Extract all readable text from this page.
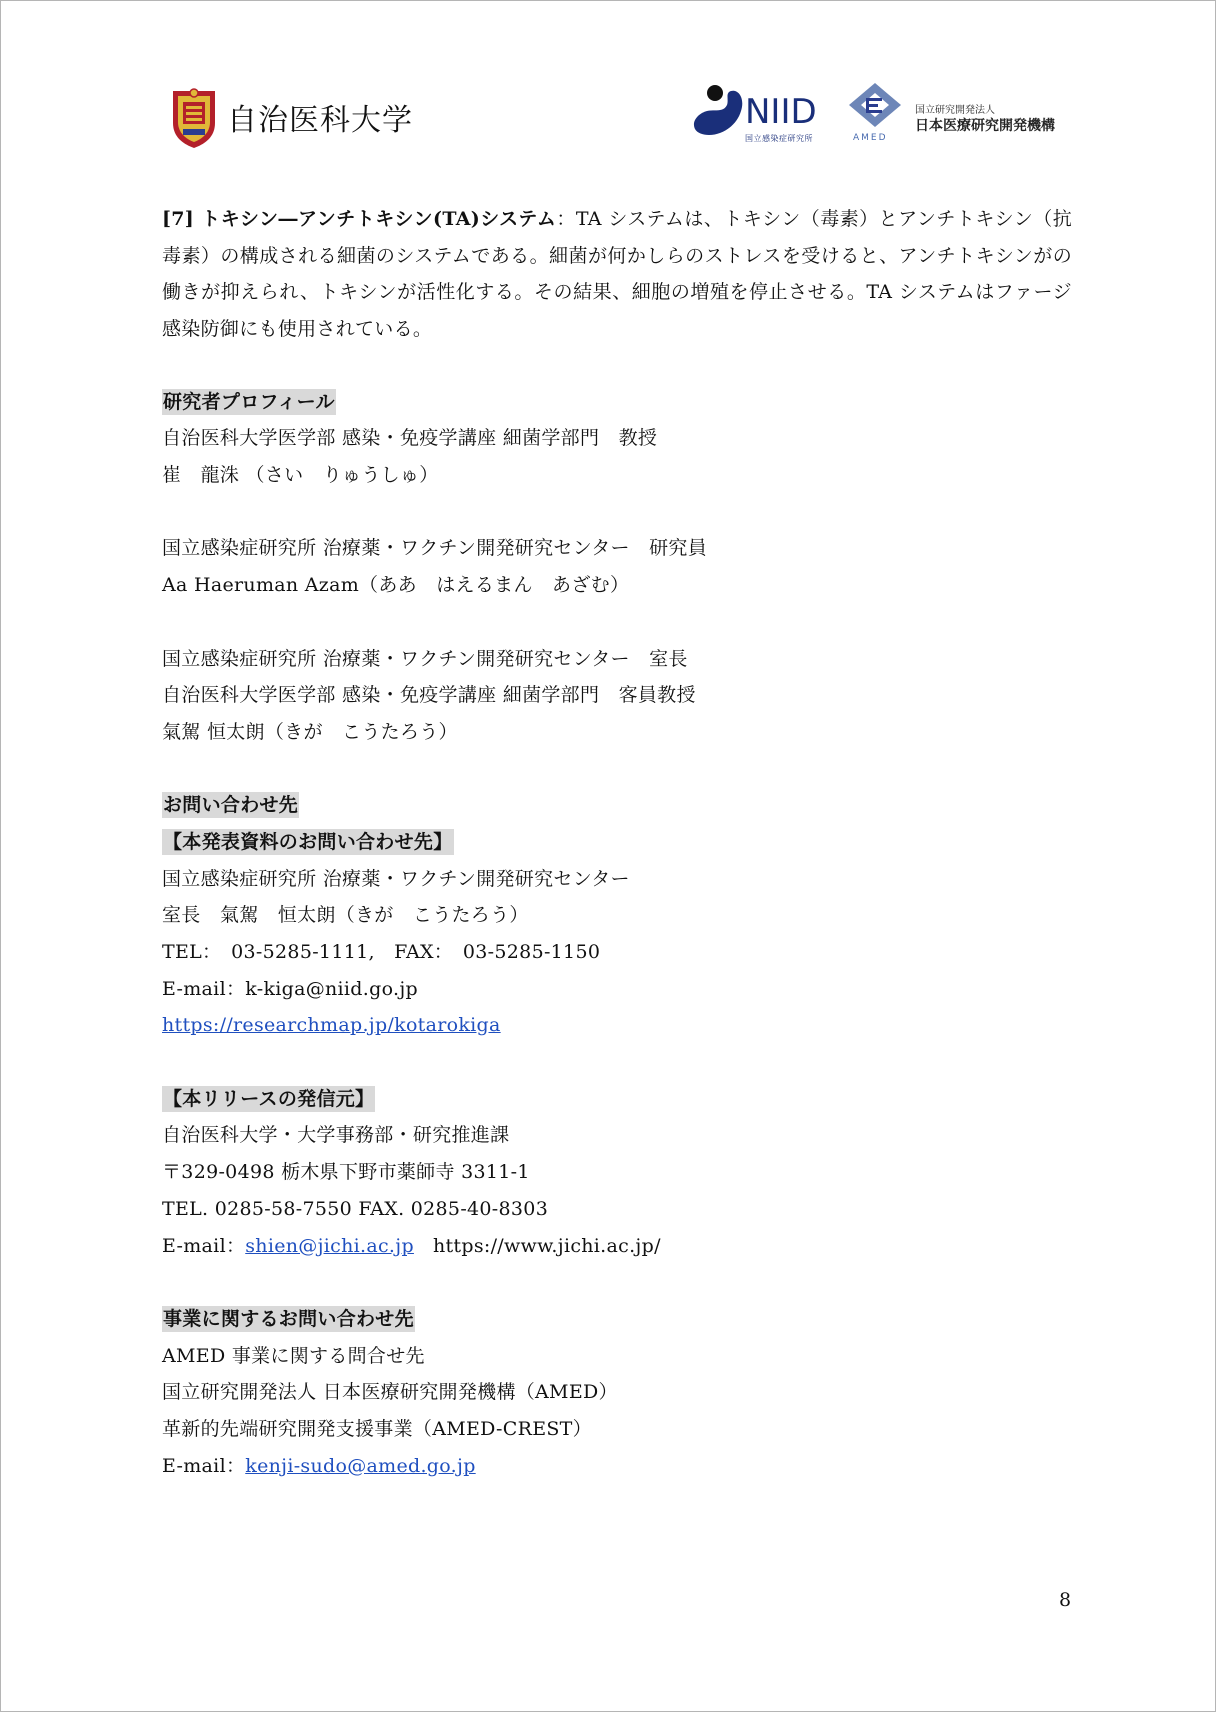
自治医科大学	NIID
国立感染症研究所
国立研究開発法人
日本医療研究開発機構
AMED

[7] トキシン―アンチトキシン(TA)システム：TA システムは、トキシン（毒素）とアンチトキシン（抗毒素）の構成される細菌のシステムである。細菌が何かしらのストレスを受けると、アンチトキシンがの働きが抑えられ、トキシンが活性化する。その結果、細胞の増殖を停止させる。TA システムはファージ感染防御にも使用されている。

研究者プロフィール
自治医科大学医学部 感染・免疫学講座 細菌学部門　教授
崔　龍洙 （さい　りゅうしゅ）
国立感染症研究所 治療薬・ワクチン開発研究センター　研究員
Aa Haeruman Azam（ああ　はえるまん　あざむ）
国立感染症研究所 治療薬・ワクチン開発研究センター　室長
自治医科大学医学部 感染・免疫学講座 細菌学部門　客員教授
氣駕 恒太朗（きが　こうたろう）
お問い合わせ先
【本発表資料のお問い合わせ先】
国立感染症研究所 治療薬・ワクチン開発研究センター
室長　氣駕　恒太朗（きが　こうたろう）
TEL：　03-5285-1111,　FAX：　03-5285-1150
E-mail：k-kiga@niid.go.jp
https://researchmap.jp/kotarokiga
【本リリースの発信元】
自治医科大学・大学事務部・研究推進課
〒329-0498 栃木県下野市薬師寺 3311-1
TEL. 0285-58-7550 FAX. 0285-40-8303
E-mail：shien@jichi.ac.jp https://www.jichi.ac.jp/
事業に関するお問い合わせ先
AMED 事業に関する問合せ先
国立研究開発法人 日本医療研究開発機構（AMED）
革新的先端研究開発支援事業（AMED-CREST）
E-mail：kenji-sudo@amed.go.jp
8
